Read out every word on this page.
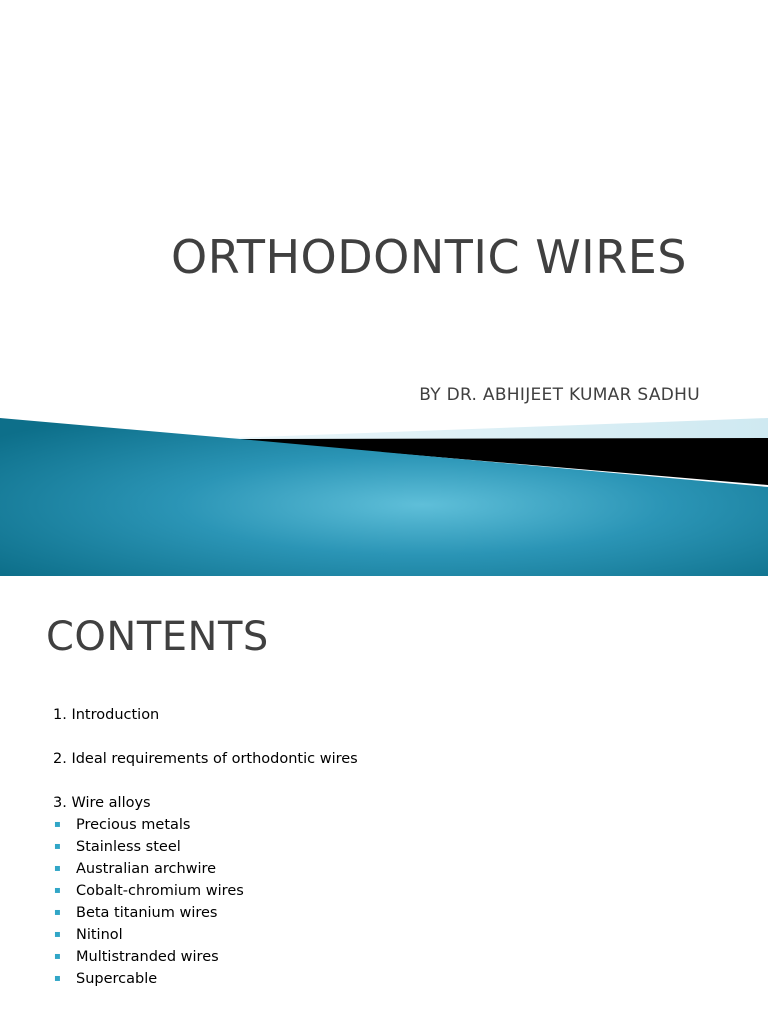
ORTHODONTIC WIRES
BY DR. ABHIJEET KUMAR SADHU
CONTENTS
1. Introduction
2. Ideal requirements of orthodontic wires
3. Wire alloys
▪ Precious metals
▪ Stainless steel
▪ Australian archwire
▪ Cobalt-chromium wires
▪ Beta titanium wires
▪ Nitinol
▪ Multistranded wires
▪ Supercable
